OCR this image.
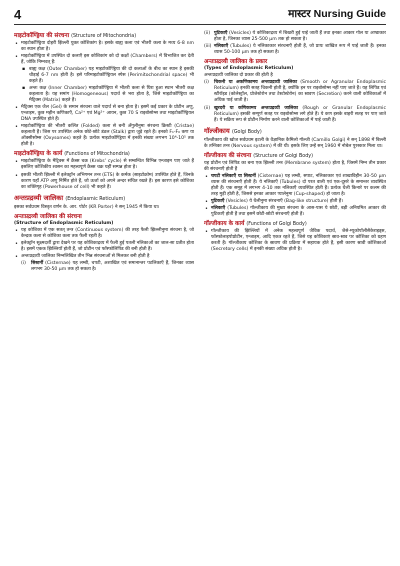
4	मास्टर Nursing Guide
माइटोकॉण्ड्रिया की संरचना (Structure of Mitochondria)
• माइटोकॉण्ड्रिया दोहरी झिल्ली युक्त कोशिकांग है। इसके बाह्य कला एवं भीतरी कला के मध्य 6-8 nm का स्थान होता है।
• माइटोकॉण्ड्रिया में उपस्थित दो कलाएँ इस कोशिकांग को दो कक्षों (Chambers) में विभाजित कर देती हैं, जोकि निम्नवत् हैं:
▪ बाह्य कक्ष (Outer Chamber) यह माइटोकॉण्ड्रिया की दो कलाओं के बीच का स्थान है इसकी चौड़ाई 6-7 nm होती है। इसे परिमाइटोकॉण्ड्रियल स्पेस (Perimitochondrial space) भी कहते हैं।
▪ अन्तः कक्ष (Inner Chamber) माइटोकॉण्ड्रिया में भीतरी कला से घिरा हुआ स्थान भीतरी कक्ष कहलाता है। यह समांग (Homogeneous) पदार्थ से भरा होता है, जिसे माइटोकॉण्ड्रिया का मैट्रिक्स (Matrix) कहते हैं।
• मैट्रिक्स एक जैल (Gel) के समान संरचना वाले पदार्थ से बना होता है। इसमें कई प्रकार के प्रोटीन अणु, एन्जाइम, कुछ महीन कणिकाएँ, Ca²⁺ एवं Mg²⁺ आयन, कुछ 70 S राइबोसोम्स तथा माइटोकॉण्ड्रियल DNA उपस्थित होते हैं।
• माइटोकॉण्ड्रिया की भीतरी कलिंत (Folded) कला से बनी अँगुलीनुमा संरचना क्रिस्टी (Cristae) कहलाती हैं। जिस पर उपस्थित अनेक छोटे-छोटे डंठल (Stalk) द्वारा जुड़े रहते हैं। इनको F₁-F₀ कण या ऑक्सीसोम्स (Oxysomes) कहते हैं। प्रत्येक माइटोकॉण्ड्रिया में इनकी संख्या लगभग 10⁴-10⁵ तक होती है।
माइटोकॉण्ड्रिया के कार्य (Functions of Mitochondria)
• माइटोकॉण्ड्रिया के मैट्रिक्स में क्रैब्स चक्र (Krebs' cycle) से सम्बन्धित विभिन्न एन्जाइम पाए जाते हैं इसलिए कोशिकीय श्वसन का महत्त्वपूर्ण क्रैब्स चक्र यहीं सम्पन्न होता है।
• इसकी भीतरी झिल्ली में इलेक्ट्रॉन अभिगमन तन्त्र (ETS) के कर्मक (साइटोक्रोम) उपस्थित होते हैं, जिनके कारण यहाँ ATP अणु निर्मित होते हैं, जो ऊर्जा को अपने अन्दर संचित रखते हैं। इस कारण इसे कोशिका का शक्तिगृह (Powerhouse of cell) भी कहते हैं।
अन्तःप्रद्रव्यी जालिका (Endoplasmic Reticulum)
इसका सर्वप्रथम विस्तृत वर्णन के. आर. पोर्टर (KR Porter) ने सन् 1945 में किया था।
अन्तःप्रद्रव्यी जालिका की संरचना
(Structure of Endoplasmic Reticulum)
• यह कोशिका में एक सतत् तन्त्र (Continuous system) की तरह फैली झिल्लीनुमा संरचना है, जो केन्द्रक कला से कोशिका कला तक फैली रहती है।
• इलेक्ट्रॉन सूक्ष्मदर्शी द्वारा देखने पर यह कोशिकाद्रव्य में फैली हुई पतली नलिकाओं का जाल-सा प्रतीत होता है। इसमें एकक झिल्लियाँ होती हैं, जो प्रोटीन एवं फॉस्फोलिपिड की बनी होती हैं।
• अन्तःप्रद्रव्यी जालिका निम्नलिखित तीन भिन्न संरचनाओं से मिलकर बनी होती है
(i) सिस्टर्नी (Cisternae) यह लम्बी, चपटी, अशाखित एवं समानान्तर पटलिकाएँ हैं, जिनका व्यास लगभग 30-50 μm तक हो सकता है।
(ii) पुटिकाएँ (Vesicles) ये कोशिकाद्रव्य में बिखरी हुई पाई जाती हैं तथा इनका आकार गोल या अण्डाकार होता है, जिनका व्यास 25-500 μm तक हो सकता है।
(iii) नलिकाएँ (Tubules) ये नलिकाकार संरचनाएँ होती हैं, जो प्रायः शाखित रूप में पाई जाती हैं। इनका व्यास 50-100 μm तक हो सकता है।
अन्तःप्रद्रव्यी जालिका के प्रकार
(Types of Endoplasmic Reticulum)
अन्तःप्रद्रव्यी जालिका दो प्रकार की होती है
(i) चिकनी या अकणिकामय अन्तःप्रद्रव्यी जालिका (Smooth or Agranular Endoplasmic Reticulum) इनकी सतह चिकनी होती है, क्योंकि इन पर राइबोसोम्स नहीं पाए जाते हैं। यह लिपिड एवं स्टीरॉइड (कोलेस्ट्रॉल, प्रोजेस्टेरोन तथा टेस्टोस्टेरोन) का स्रावण (Secretion) करने वाली कोशिकाओं में अधिक पाई जाती है।
(ii) खुरदरी या कणिकामय अन्तःप्रद्रव्यी जालिका (Rough or Granular Endoplasmic Reticulum) इसकी सम्पूर्ण सतह पर राइबोसोम्स लगे होते हैं। ये कण इसके बाहरी सतह पर पाए जाते हैं। ये सक्रिय रूप से प्रोटीन निर्माण करने वाली कोशिकाओं में पाई जाती हैं।
गॉल्जीकाय (Golgi Body)
गॉल्जीकाय की खोज सर्वप्रथम इटली के वैज्ञानिक कैमिलो गॉल्जी (Camillo Golgi) ने सन् 1898 में बिल्ली के तन्त्रिका तन्त्र (Nervous system) में की थी। इसके लिए उन्हें सन् 1960 में नोबेल पुरस्कार मिला था।
गॉल्जीकाय की संरचना (Structure of Golgi Body)
यह प्रोटीन एवं लिपिड का बना एक झिल्ली तन्त्र (Membrane system) होता है, जिसमें निम्न तीन प्रकार की संरचनाएँ होती हैं
• चपटी नलिकाएँ या सिस्टर्नी (Cisternae) यह लम्बी, सपाट, नलिकाकार एवं शाखाविहीन 30-50 μm व्यास की संरचनाएँ होती हैं। ये नलिकाएँ (Tubules) दो परत वाली एवं एक-दूसरे के समान्तर व्यवस्थित होती हैं। एक समूह में लगभग 4-10 तक नलिकाएँ व्यवस्थित होती हैं। प्रत्येक थैली किनारे पर कलम की तरह मुड़ी होती है, जिससे इनका आकार प्यालेनुमा (Cup-shaped) हो जाता है।
• पुटिकाएँ (Vesicles) ये थैलीनुमा संरचनाएँ (Bag-like structure) होती हैं।
• नलिकाएँ (Tubules) गॉल्जीकाय की मुख्य संरचना के आस-पास ये छोटी, बड़ी अनियमित आकार की पुटिकाएँ होती हैं तथा इसमें छोटी-छोटी संरचनाएँ होती हैं।
गॉल्जीकाय के कार्य (Functions of Golgi Body)
• गॉल्जीकाय की झिल्लियों में अनेक महत्त्वपूर्ण जैविक पदार्थ, जैसे-म्यूकोपॉलीसैकेराइड्स, फॉस्फोलाइपोप्रोटीन, एन्जाइम, आदि एकत्र रहते हैं, जिसे यह कोशिकाएं स्राव-स्राव पर कोशिका को ग्रहण करती हैं। गॉल्जीकाय कोशिका के स्रावण की प्रक्रिया में सहायक होते हैं, इसी कारण स्रावी कोशिकाओं (Secretory cells) में इनकी संख्या अधिक होती है।
